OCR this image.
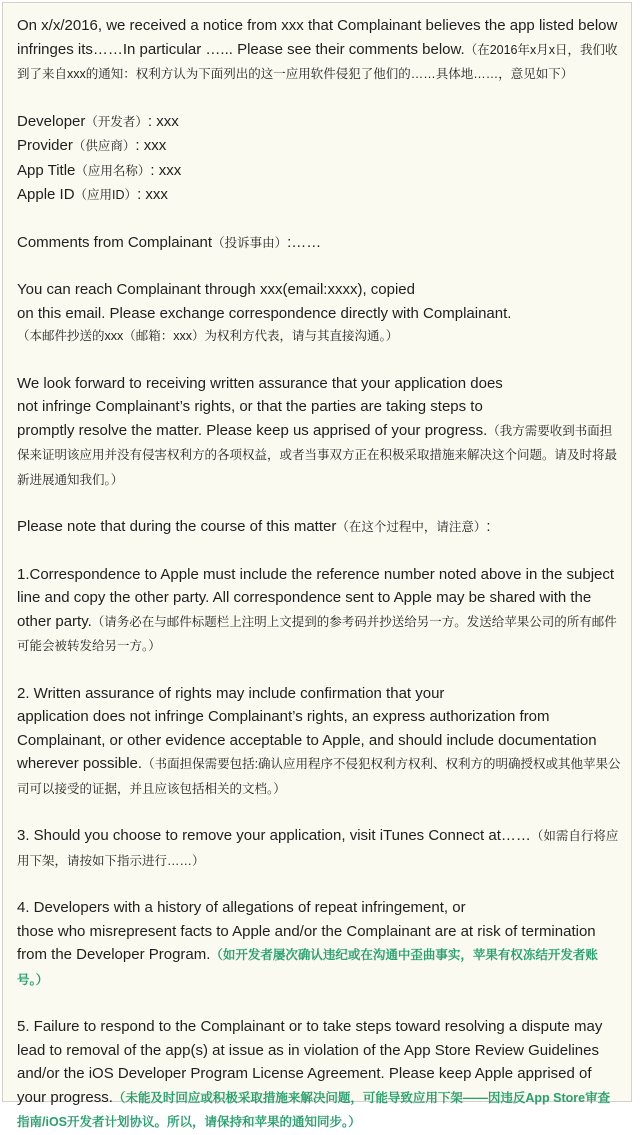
On x/x/2016, we received a notice from xxx that Complainant believes the app listed below infringes its……In particular …... Please see their comments below.（在2016年x月x日，我们收到了来自xxx的通知：权利方认为下面列出的这一应用软件侵犯了他们的……具体地……，意见如下）

Developer（开发者）: xxx
Provider（供应商）: xxx
App Title（应用名称）: xxx
Apple ID（应用ID）: xxx

Comments from Complainant（投诉事由）:……

You can reach Complainant through xxx(email:xxxx), copied
on this email. Please exchange correspondence directly with Complainant.
（本邮件抄送的xxx（邮箱：xxx）为权利方代表，请与其直接沟通。）

We look forward to receiving written assurance that your application does
not infringe Complainant’s rights, or that the parties are taking steps to
promptly resolve the matter. Please keep us apprised of your progress.（我方需要收到书面担保来证明该应用并没有侵害权利方的各项权益，或者当事双方正在积极采取措施来解决这个问题。请及时将最新进展通知我们。）

Please note that during the course of this matter（在这个过程中，请注意）:

1.Correspondence to Apple must include the reference number noted above in the subject line and copy the other party. All correspondence sent to Apple may be shared with the other party.（请务必在与邮件标题栏上注明上文提到的参考码并抄送给另一方。发送给苹果公司的所有邮件可能会被转发给另一方。）

2. Written assurance of rights may include confirmation that your
application does not infringe Complainant’s rights, an express authorization from Complainant, or other evidence acceptable to Apple, and should include documentation wherever possible.（书面担保需要包括:确认应用程序不侵犯权利方权利、权利方的明确授权或其他苹果公司可以接受的证据，并且应该包括相关的文档。）

3. Should you choose to remove your application, visit iTunes Connect at……（如需自行将应用下架，请按如下指示进行……）

4. Developers with a history of allegations of repeat infringement, or
those who misrepresent facts to Apple and/or the Complainant are at risk of termination from the Developer Program.（如开发者屡次确认违纪或在沟通中歪曲事实，苹果有权冻结开发者账号。）

5. Failure to respond to the Complainant or to take steps toward resolving a dispute may lead to removal of the app(s) at issue as in violation of the App Store Review Guidelines and/or the iOS Developer Program License Agreement. Please keep Apple apprised of your progress.（未能及时回应或积极采取措施来解决问题，可能导致应用下架——因违反App Store审查指南/iOS开发者计划协议。所以，请保持和苹果的通知同步。）
